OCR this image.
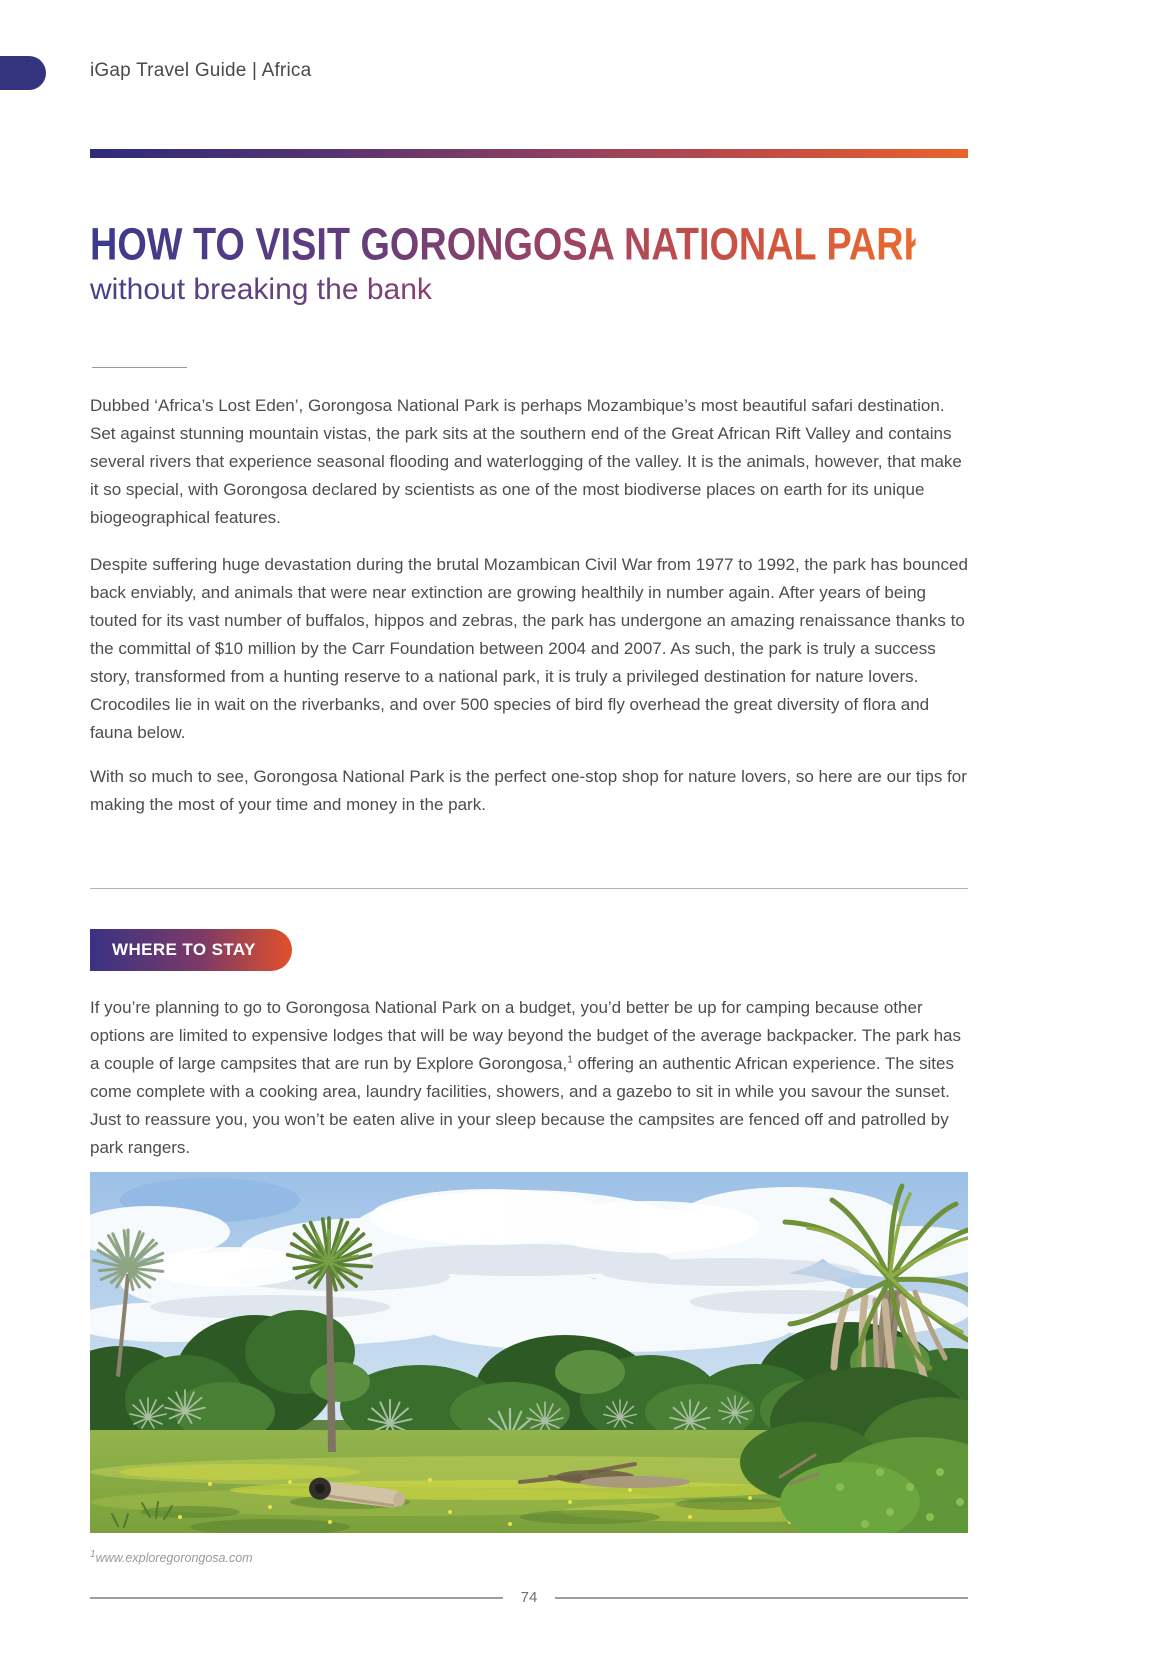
iGap Travel Guide | Africa
HOW TO VISIT GORONGOSA NATIONAL PARK
without breaking the bank

Dubbed ‘Africa’s Lost Eden’, Gorongosa National Park is perhaps Mozambique’s most beautiful safari destination. Set against stunning mountain vistas, the park sits at the southern end of the Great African Rift Valley and contains several rivers that experience seasonal flooding and waterlogging of the valley. It is the animals, however, that make it so special, with Gorongosa declared by scientists as one of the most biodiverse places on earth for its unique biogeographical features.

Despite suffering huge devastation during the brutal Mozambican Civil War from 1977 to 1992, the park has bounced back enviably, and animals that were near extinction are growing healthily in number again. After years of being touted for its vast number of buffalos, hippos and zebras, the park has undergone an amazing renaissance thanks to the committal of $10 million by the Carr Foundation between 2004 and 2007. As such, the park is truly a success story, transformed from a hunting reserve to a national park, it is truly a privileged destination for nature lovers. Crocodiles lie in wait on the riverbanks, and over 500 species of bird fly overhead the great diversity of flora and fauna below.

With so much to see, Gorongosa National Park is the perfect one-stop shop for nature lovers, so here are our tips for making the most of your time and money in the park.

WHERE TO STAY

If you’re planning to go to Gorongosa National Park on a budget, you’d better be up for camping because other options are limited to expensive lodges that will be way beyond the budget of the average backpacker. The park has a couple of large campsites that are run by Explore Gorongosa,$^1$ offering an authentic African experience. The sites come complete with a cooking area, laundry facilities, showers, and a gazebo to sit in while you savour the sunset. Just to reassure you, you won’t be eaten alive in your sleep because the campsites are fenced off and patrolled by park rangers.

$^1$www.exploregorongosa.com
74
